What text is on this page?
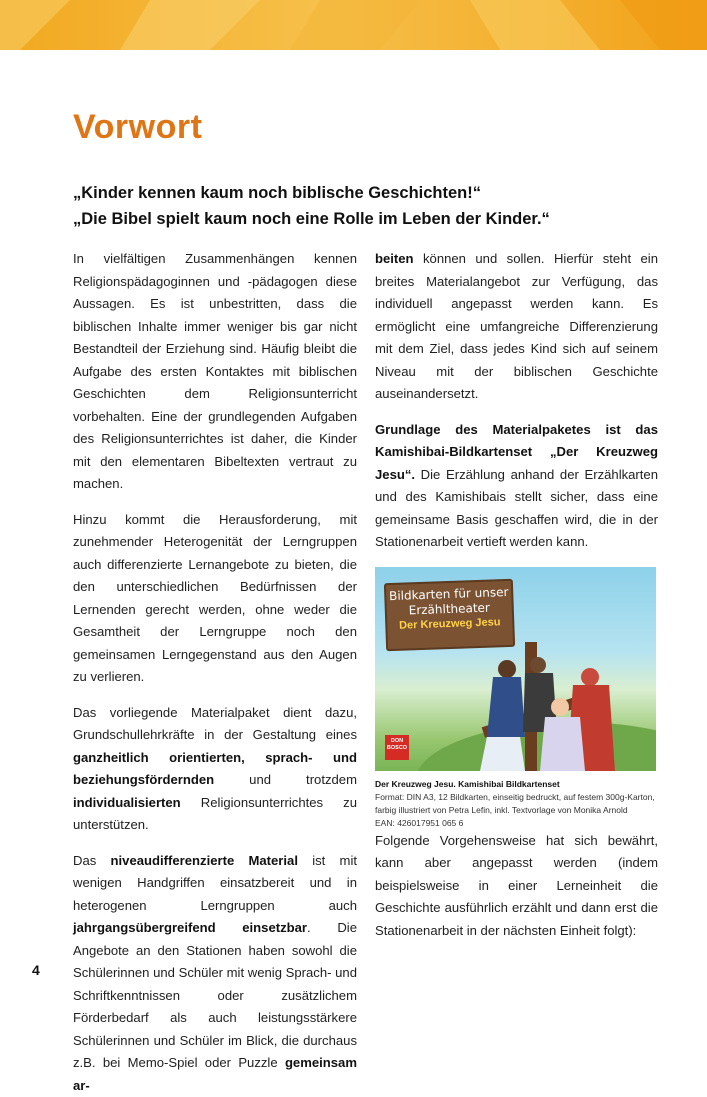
Vorwort

„Kinder kennen kaum noch biblische Geschichten!“

„Die Bibel spielt kaum noch eine Rolle im Leben der Kinder.“

In vielfältigen Zusammenhängen kennen Religionspädagoginnen und -pädagogen diese Aussagen. Es ist unbestritten, dass die biblischen Inhalte immer weniger bis gar nicht Bestandteil der Erziehung sind. Häufig bleibt die Aufgabe des ersten Kontaktes mit biblischen Geschichten dem Religionsunterricht vorbehalten. Eine der grundlegenden Aufgaben des Religionsunterrichtes ist daher, die Kinder mit den elementaren Bibeltexten vertraut zu machen.

Hinzu kommt die Herausforderung, mit zunehmender Heterogenität der Lerngruppen auch differenzierte Lernangebote zu bieten, die den unterschiedlichen Bedürfnissen der Lernenden gerecht werden, ohne weder die Gesamtheit der Lerngruppe noch den gemeinsamen Lerngegenstand aus den Augen zu verlieren.

Das vorliegende Materialpaket dient dazu, Grundschullehrkräfte in der Gestaltung eines ganzheitlich orientierten, sprach- und beziehungsfördernden und trotzdem individualisierten Religionsunterrichtes zu unterstützen.

Das niveaudifferenzierte Material ist mit wenigen Handgriffen einsatzbereit und in heterogenen Lerngruppen auch jahrgangsübergreifend einsetzbar. Die Angebote an den Stationen haben sowohl die Schülerinnen und Schüler mit wenig Sprach- und Schriftkenntnissen oder zusätzlichem Förderbedarf als auch leistungsstärkere Schülerinnen und Schüler im Blick, die durchaus z.B. bei Memo-Spiel oder Puzzle gemeinsam ar-

beiten können und sollen. Hierfür steht ein breites Materialangebot zur Verfügung, das individuell angepasst werden kann. Es ermöglicht eine umfangreiche Differenzierung mit dem Ziel, dass jedes Kind sich auf seinem Niveau mit der biblischen Geschichte auseinandersetzt.

Grundlage des Materialpaketes ist das Kamishibai-Bildkartenset „Der Kreuzweg Jesu“. Die Erzählung anhand der Erzählkarten und des Kamishibais stellt sicher, dass eine gemeinsame Basis geschaffen wird, die in der Stationenarbeit vertieft werden kann.

Bildkarten für unser
Erzähltheater
Der Kreuzweg Jesu
DON
BOSCO
Der Kreuzweg Jesu. Kamishibai Bildkartenset
Format: DIN A3, 12 Bildkarten, einseitig bedruckt, auf festem 300g-Karton,
farbig illustriert von Petra Lefin, inkl. Textvorlage von Monika Arnold
EAN: 426017951 065 6

Folgende Vorgehensweise hat sich bewährt, kann aber angepasst werden (indem beispielsweise in einer Lerneinheit die Geschichte ausführlich erzählt und dann erst die Stationenarbeit in der nächsten Einheit folgt):

4
